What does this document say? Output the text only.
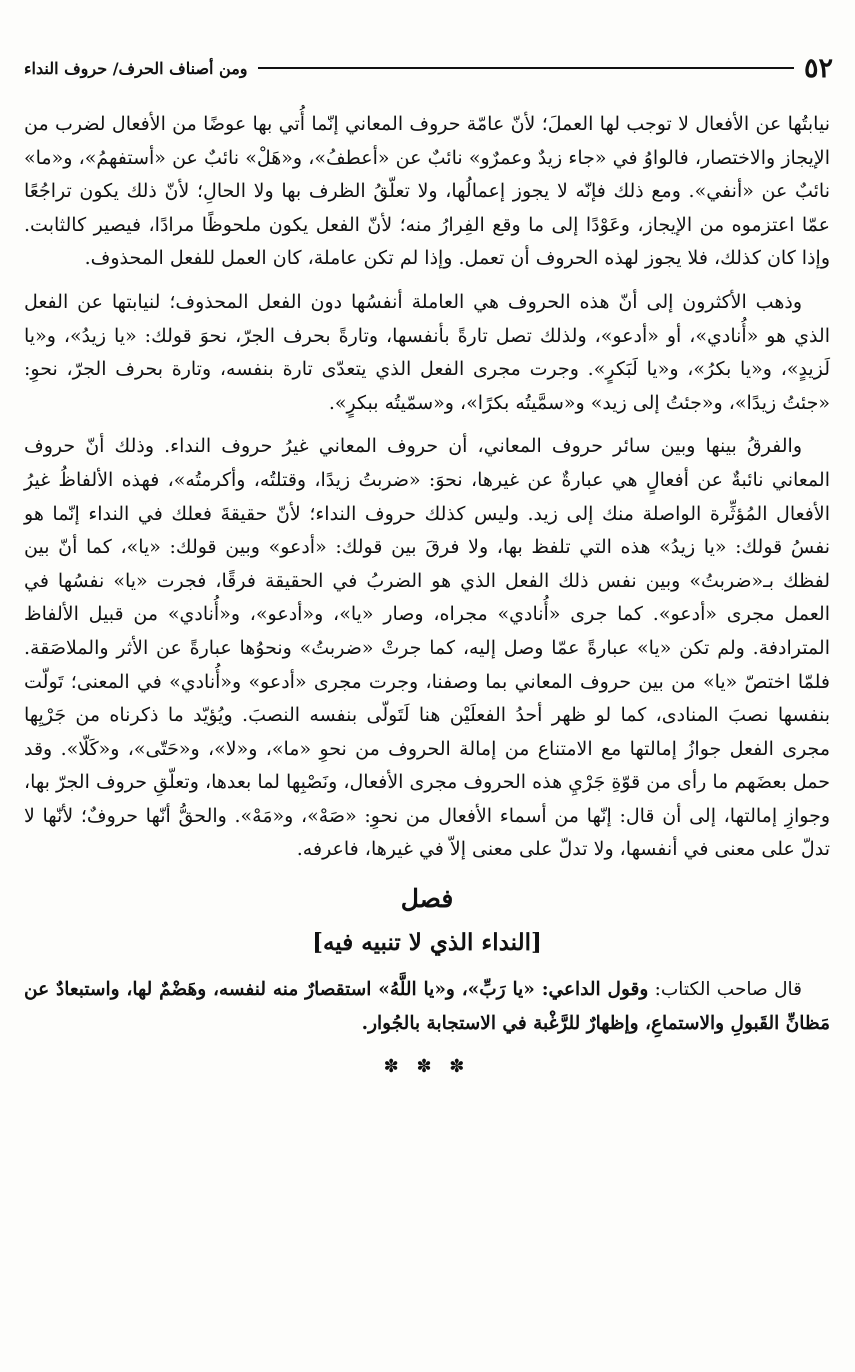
٥٢
ومن أصناف الحرف/ حروف النداء

نيابتُها عن الأفعال لا توجب لها العملَ؛ لأنّ عامّة حروف المعاني إنّما أُتي بها عوضًا من الأفعال لضرب من الإيجاز والاختصار، فالواوُ في «جاء زيدٌ وعمرٌو» نائبٌ عن «أعطفُ»، و«هَلْ» نائبٌ عن «أستفهمُ»، و«ما» نائبٌ عن «أنفي». ومع ذلك فإنّه لا يجوز إعمالُها، ولا تعلّقُ الظرف بها ولا الحالِ؛ لأنّ ذلك يكون تراجُعًا عمّا اعتزموه من الإيجاز، وعَوْدًا إلى ما وقع الفِرارُ منه؛ لأنّ الفعل يكون ملحوظًا مرادًا، فيصير كالثابت. وإذا كان كذلك، فلا يجوز لهذه الحروف أن تعمل. وإذا لم تكن عاملة، كان العمل للفعل المحذوف.

وذهب الأكثرون إلى أنّ هذه الحروف هي العاملة أنفسُها دون الفعل المحذوف؛ لنيابتها عن الفعل الذي هو «أُنادي»، أو «أدعو»، ولذلك تصل تارةً بأنفسها، وتارةً بحرف الجرّ، نحوَ قولك: «يا زيدُ»، و«يا لَزيدٍ»، و«يا بكرُ»، و«يا لَبَكرٍ». وجرت مجرى الفعل الذي يتعدّى تارة بنفسه، وتارة بحرف الجرّ، نحوِ: «جئتُ زيدًا»، و«جئتُ إلى زيد» و«سمَّيتُه بكرًا»، و«سمّيتُه ببكرٍ».

والفرقُ بينها وبين سائر حروف المعاني، أن حروف المعاني غيرُ حروف النداء. وذلك أنّ حروف المعاني نائبةٌ عن أفعالٍ هي عبارةٌ عن غيرها، نحوَ: «ضربتُ زيدًا، وقتلتُه، وأكرمتُه»، فهذه الألفاظُ غيرُ الأفعال المُؤثِّرة الواصلة منك إلى زيد. وليس كذلك حروف النداء؛ لأنّ حقيقةَ فعلك في النداء إنّما هو نفسُ قولك: «يا زيدُ» هذه التي تلفظ بها، ولا فرقَ بين قولك: «أدعو» وبين قولك: «يا»، كما أنّ بين لفظك بـ«ضربتُ» وبين نفس ذلك الفعل الذي هو الضربُ في الحقيقة فرقًا، فجرت «يا» نفسُها في العمل مجرى «أدعو». كما جرى «أُنادي» مجراه، وصار «يا»، و«أدعو»، و«أُنادي» من قبيل الألفاظ المترادفة. ولم تكن «يا» عبارةً عمّا وصل إليه، كما جرتْ «ضربتُ» ونحوُها عبارةً عن الأثر والملاصَقة. فلمّا اختصّ «يا» من بين حروف المعاني بما وصفنا، وجرت مجرى «أدعو» و«أُنادي» في المعنى؛ تَولّت بنفسها نصبَ المنادى، كما لو ظهر أحدُ الفعلَيْن هنا لَتَولّى بنفسه النصبَ. ويُؤيّد ما ذكرناه من جَرْيِها مجرى الفعل جوازُ إمالتها مع الامتناع من إمالة الحروف من نحوِ «ما»، و«لا»، و«حَتّى»، و«كَلّا». وقد حمل بعضَهم ما رأى من قوّةِ جَرْيِ هذه الحروف مجرى الأفعال، ونَصْبِها لما بعدها، وتعلّقِ حروف الجرّ بها، وجوازِ إمالتها، إلى أن قال: إنّها من أسماء الأفعال من نحوِ: «صَهْ»، و«مَهْ». والحقُّ أنّها حروفٌ؛ لأنّها لا تدلّ على معنى في أنفسها، ولا تدلّ على معنى إلاّ في غيرها، فاعرفه.

فصل
[النداء الذي لا تنبيه فيه]

قال صاحب الكتاب: وقول الداعي: «يا رَبِّ»، و«يا اللَّهُ» استقصارٌ منه لنفسه، وهَضْمٌ لها، واستبعادٌ عن مَظانِّ القَبولِ والاستماعِ، وإظهارٌ للرَّغْبة في الاستجابة بالجُوار.

✽ ✽ ✽
